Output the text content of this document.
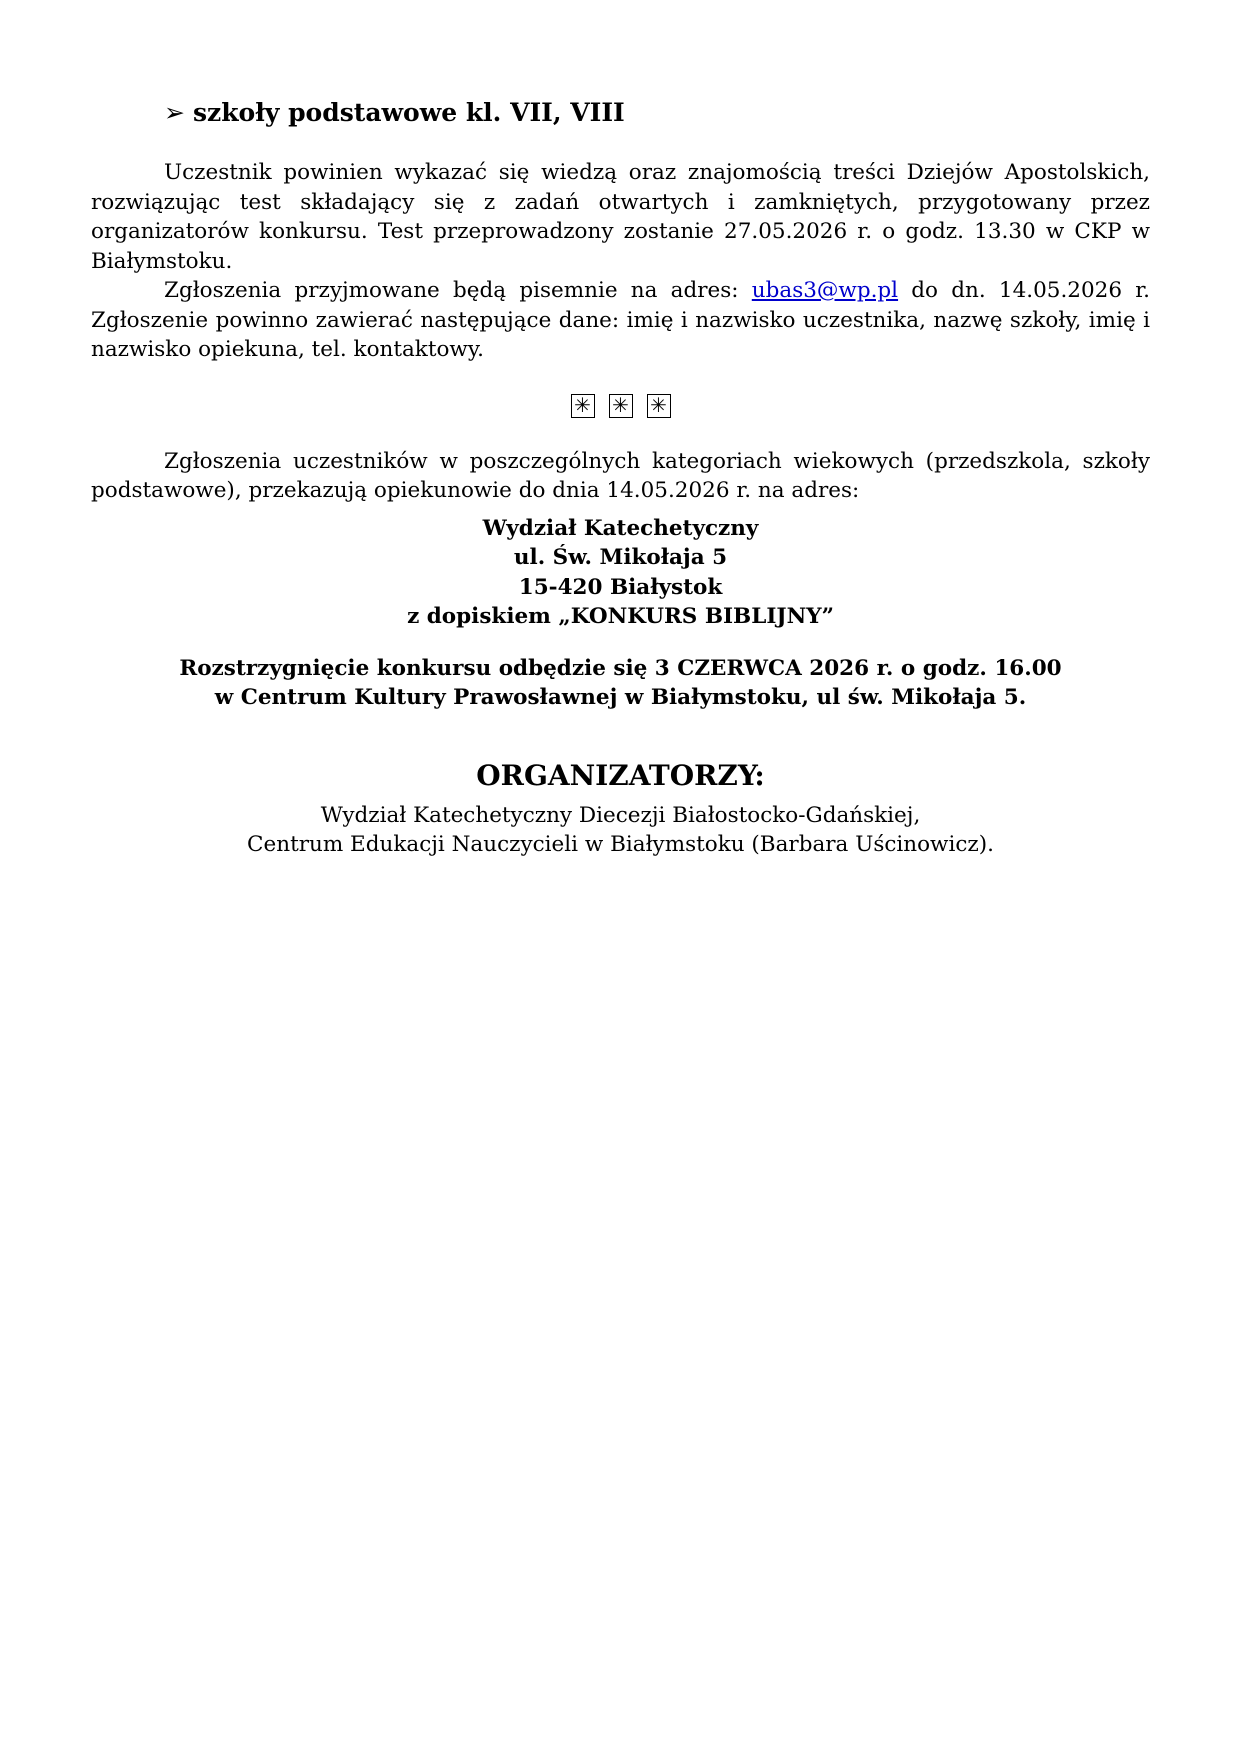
➢ szkoły podstawowe kl. VII, VIII

Uczestnik powinien wykazać się wiedzą oraz znajomością treści Dziejów Apostolskich, rozwiązując test składający się z zadań otwartych i zamkniętych, przygotowany przez organizatorów konkursu. Test przeprowadzony zostanie 27.05.2026 r. o godz. 13.30 w CKP w Białymstoku.

Zgłoszenia przyjmowane będą pisemnie na adres: ubas3@wp.pl do dn. 14.05.2026 r. Zgłoszenie powinno zawierać następujące dane: imię i nazwisko uczestnika, nazwę szkoły, imię i nazwisko opiekuna, tel. kontaktowy.

✳ ✳ ✳

Zgłoszenia uczestników w poszczególnych kategoriach wiekowych (przedszkola, szkoły podstawowe), przekazują opiekunowie do dnia 14.05.2026 r. na adres:

Wydział Katechetyczny
ul. Św. Mikołaja 5
15-420 Białystok
z dopiskiem „KONKURS BIBLIJNY”
Rozstrzygnięcie konkursu odbędzie się 3 CZERWCA 2026 r. o godz. 16.00
w Centrum Kultury Prawosławnej w Białymstoku, ul św. Mikołaja 5.
ORGANIZATORZY:
Wydział Katechetyczny Diecezji Białostocko-Gdańskiej,
Centrum Edukacji Nauczycieli w Białymstoku (Barbara Uścinowicz).
